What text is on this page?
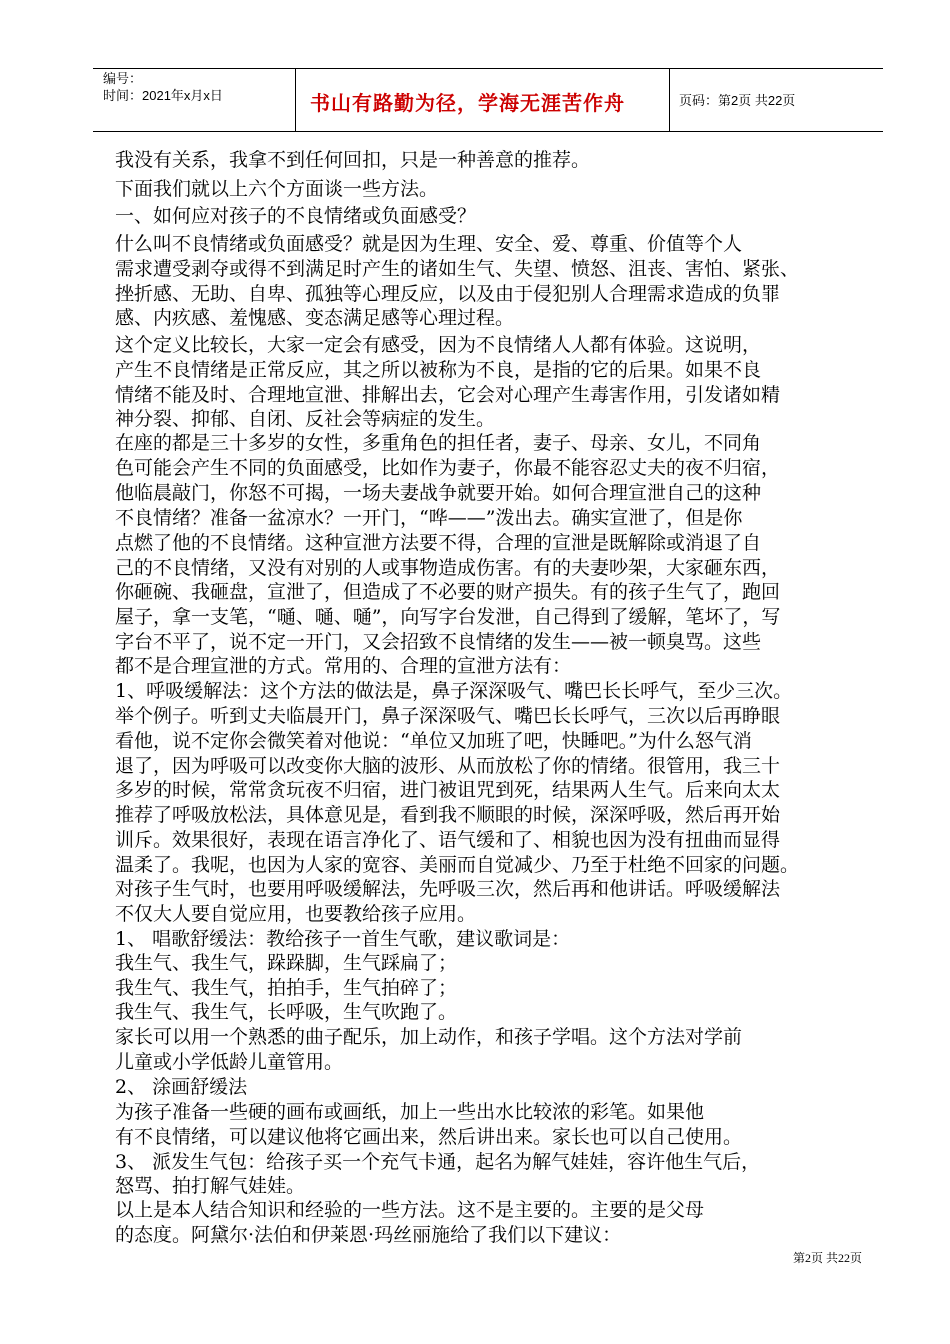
编号：
时间：2021年x月x日	书山有路勤为径，学海无涯苦作舟	页码：第2页 共22页
我没有关系，我拿不到任何回扣，只是一种善意的推荐。
下面我们就以上六个方面谈一些方法。
一、如何应对孩子的不良情绪或负面感受？
什么叫不良情绪或负面感受？就是因为生理、安全、爱、尊重、价值等个人
需求遭受剥夺或得不到满足时产生的诸如生气、失望、愤怒、沮丧、害怕、紧张、
挫折感、无助、自卑、孤独等心理反应，以及由于侵犯别人合理需求造成的负罪
感、内疚感、羞愧感、变态满足感等心理过程。
这个定义比较长，大家一定会有感受，因为不良情绪人人都有体验。这说明，
产生不良情绪是正常反应，其之所以被称为不良，是指的它的后果。如果不良
情绪不能及时、合理地宣泄、排解出去，它会对心理产生毒害作用，引发诸如精
神分裂、抑郁、自闭、反社会等病症的发生。
在座的都是三十多岁的女性，多重角色的担任者，妻子、母亲、女儿，不同角
色可能会产生不同的负面感受，比如作为妻子，你最不能容忍丈夫的夜不归宿，
他临晨敲门，你怒不可揭，一场夫妻战争就要开始。如何合理宣泄自己的这种
不良情绪？准备一盆凉水？一开门，“哗——”泼出去。确实宣泄了，但是你
点燃了他的不良情绪。这种宣泄方法要不得，合理的宣泄是既解除或消退了自
己的不良情绪，又没有对别的人或事物造成伤害。有的夫妻吵架，大家砸东西，
你砸碗、我砸盘，宣泄了，但造成了不必要的财产损失。有的孩子生气了，跑回
屋子，拿一支笔，“嗵、嗵、嗵”，向写字台发泄，自己得到了缓解，笔坏了，写
字台不平了，说不定一开门，又会招致不良情绪的发生——被一顿臭骂。这些
都不是合理宣泄的方式。常用的、合理的宣泄方法有：
1、呼吸缓解法：这个方法的做法是，鼻子深深吸气、嘴巴长长呼气，至少三次。
举个例子。听到丈夫临晨开门，鼻子深深吸气、嘴巴长长呼气，三次以后再睁眼
看他，说不定你会微笑着对他说：“单位又加班了吧，快睡吧。”为什么怒气消
退了，因为呼吸可以改变你大脑的波形、从而放松了你的情绪。很管用，我三十
多岁的时候，常常贪玩夜不归宿，进门被诅咒到死，结果两人生气。后来向太太
推荐了呼吸放松法，具体意见是，看到我不顺眼的时候，深深呼吸，然后再开始
训斥。效果很好，表现在语言净化了、语气缓和了、相貌也因为没有扭曲而显得
温柔了。我呢，也因为人家的宽容、美丽而自觉减少、乃至于杜绝不回家的问题。
对孩子生气时，也要用呼吸缓解法，先呼吸三次，然后再和他讲话。呼吸缓解法
不仅大人要自觉应用，也要教给孩子应用。
1、 唱歌舒缓法：教给孩子一首生气歌，建议歌词是：
我生气、我生气，跺跺脚，生气踩扁了；
我生气、我生气，拍拍手，生气拍碎了；
我生气、我生气，长呼吸，生气吹跑了。
家长可以用一个熟悉的曲子配乐，加上动作，和孩子学唱。这个方法对学前
儿童或小学低龄儿童管用。
2、 涂画舒缓法
为孩子准备一些硬的画布或画纸，加上一些出水比较浓的彩笔。如果他
有不良情绪，可以建议他将它画出来，然后讲出来。家长也可以自己使用。
3、 派发生气包：给孩子买一个充气卡通，起名为解气娃娃，容许他生气后，
怒骂、拍打解气娃娃。
以上是本人结合知识和经验的一些方法。这不是主要的。主要的是父母
的态度。阿黛尔·法伯和伊莱恩·玛丝丽施给了我们以下建议：
第2页 共22页
